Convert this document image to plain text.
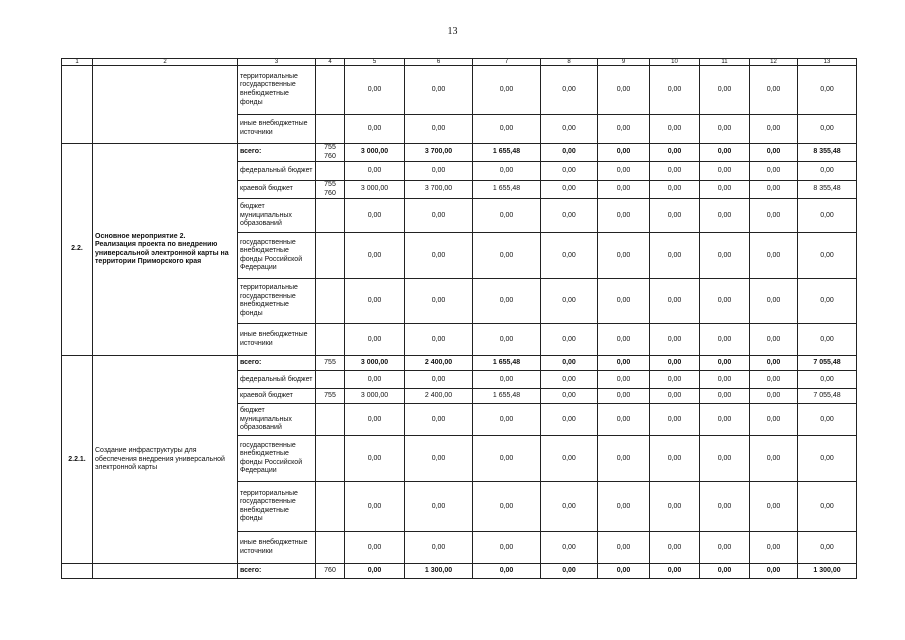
13
1	2	3	4	5	6	7	8	9	10	11	12	13
		территориальные государственные внебюджетные фонды		0,00	0,00	0,00	0,00	0,00	0,00	0,00	0,00	0,00
		иные внебюджетные источники		0,00	0,00	0,00	0,00	0,00	0,00	0,00	0,00	0,00
2.2.	Основное мероприятие 2.
Реализация проекта по внедрению универсальной электронной карты на территории Приморского края	всего:	755 760	3 000,00	3 700,00	1 655,48	0,00	0,00	0,00	0,00	0,00	8 355,48
		федеральный бюджет		0,00	0,00	0,00	0,00	0,00	0,00	0,00	0,00	0,00
		краевой бюджет	755 760	3 000,00	3 700,00	1 655,48	0,00	0,00	0,00	0,00	0,00	8 355,48
		бюджет муниципальных образований		0,00	0,00	0,00	0,00	0,00	0,00	0,00	0,00	0,00
		государственные внебюджетные фонды Российской Федерации		0,00	0,00	0,00	0,00	0,00	0,00	0,00	0,00	0,00
		территориальные государственные внебюджетные фонды		0,00	0,00	0,00	0,00	0,00	0,00	0,00	0,00	0,00
		иные внебюджетные источники		0,00	0,00	0,00	0,00	0,00	0,00	0,00	0,00	0,00
2.2.1.	Создание инфраструктуры для обеспечения внедрения универсальной электронной карты	всего:	755	3 000,00	2 400,00	1 655,48	0,00	0,00	0,00	0,00	0,00	7 055,48
		федеральный бюджет		0,00	0,00	0,00	0,00	0,00	0,00	0,00	0,00	0,00
		краевой бюджет	755	3 000,00	2 400,00	1 655,48	0,00	0,00	0,00	0,00	0,00	7 055,48
		бюджет муниципальных образований		0,00	0,00	0,00	0,00	0,00	0,00	0,00	0,00	0,00
		государственные внебюджетные фонды Российской Федерации		0,00	0,00	0,00	0,00	0,00	0,00	0,00	0,00	0,00
		территориальные государственные внебюджетные фонды		0,00	0,00	0,00	0,00	0,00	0,00	0,00	0,00	0,00
		иные внебюджетные источники		0,00	0,00	0,00	0,00	0,00	0,00	0,00	0,00	0,00
		всего:	760	0,00	1 300,00	0,00	0,00	0,00	0,00	0,00	0,00	1 300,00
